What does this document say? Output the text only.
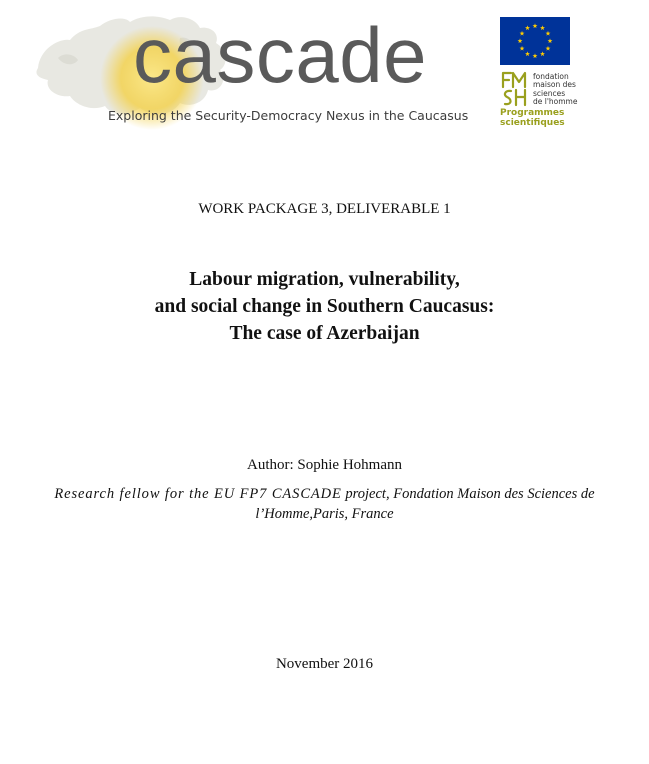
cascade
Exploring the Security-Democracy Nexus in the Caucasus
fondation
maison des
sciences
de l'homme
Programmes
scientifiques
WORK PACKAGE 3, DELIVERABLE 1
Labour migration, vulnerability,
and social change in Southern Caucasus:
The case of Azerbaijan
Author: Sophie Hohmann
Research fellow for the EU FP7 CASCADE project, Fondation Maison des Sciences de l’Homme,Paris, France
November 2016
